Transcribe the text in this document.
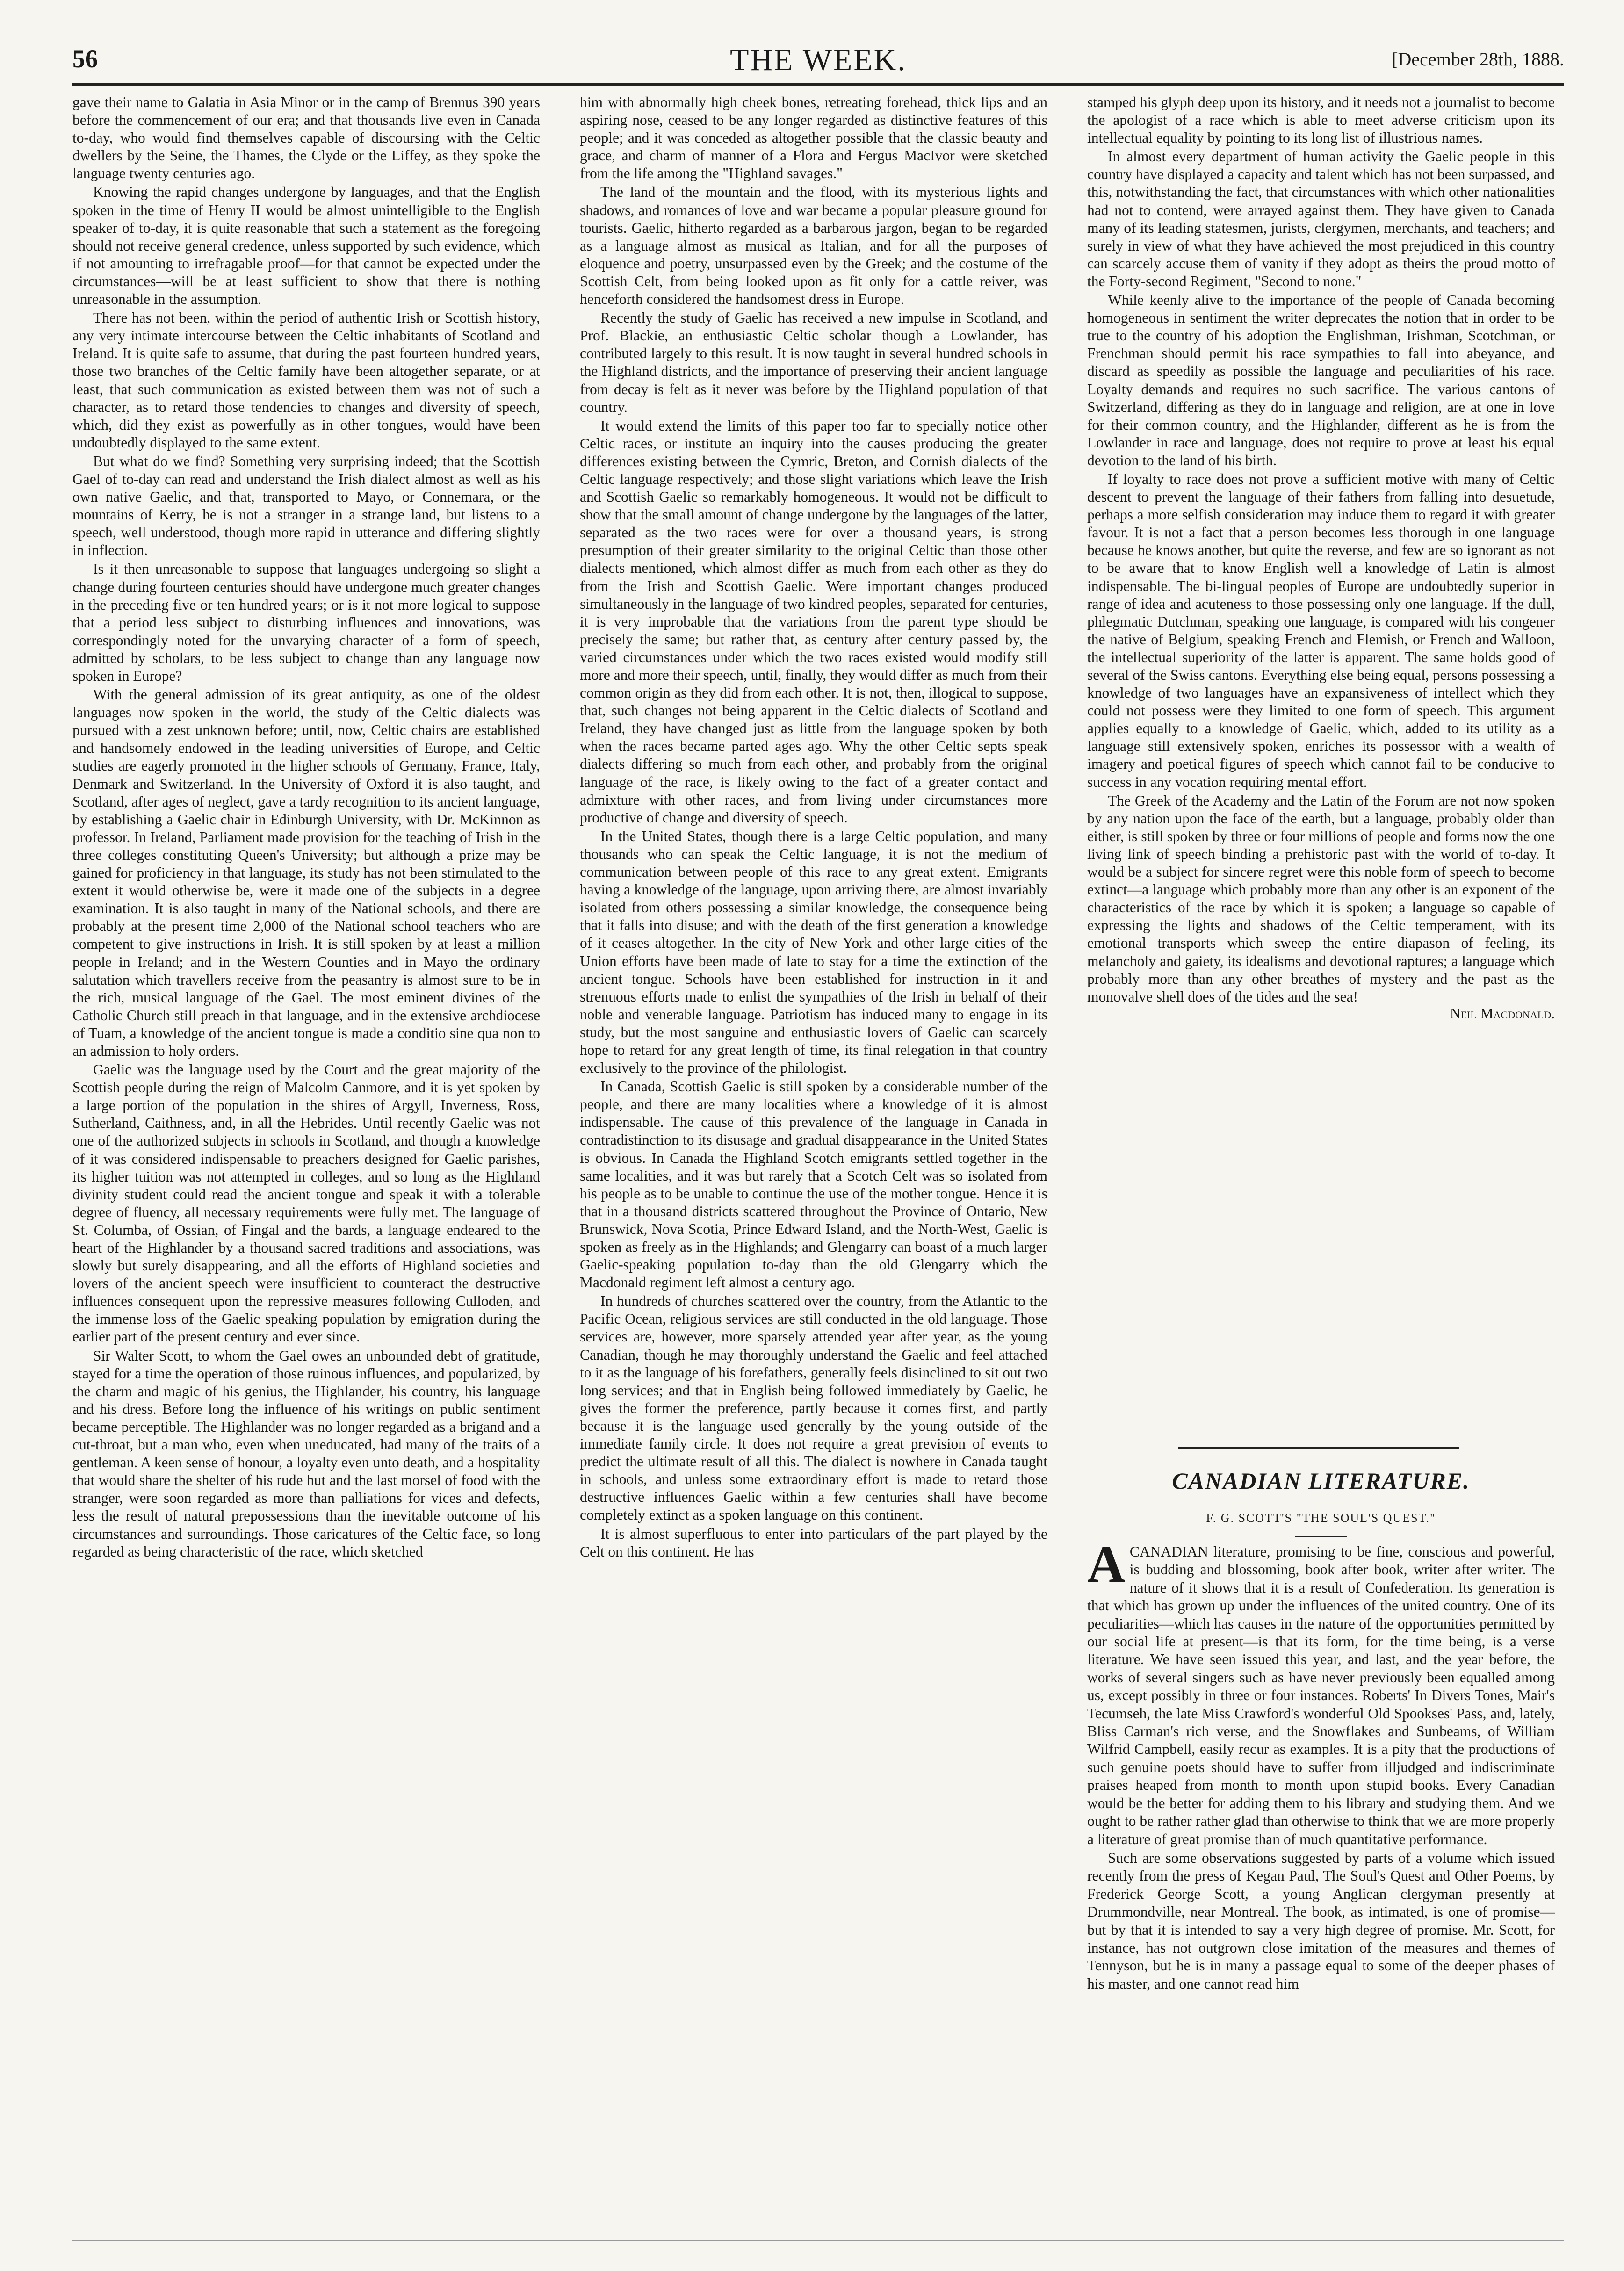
56	THE WEEK.	[December 28th, 1888.

gave their name to Galatia in Asia Minor or in the camp of Brennus 390 years before the commencement of our era; and that thousands live even in Canada to-day, who would find themselves capable of discoursing with the Celtic dwellers by the Seine, the Thames, the Clyde or the Liffey, as they spoke the language twenty centuries ago.

Knowing the rapid changes undergone by languages, and that the English spoken in the time of Henry II would be almost unintelligible to the English speaker of to-day, it is quite reasonable that such a statement as the foregoing should not receive general credence, unless supported by such evidence, which if not amounting to irrefragable proof—for that cannot be expected under the circumstances—will be at least sufficient to show that there is nothing unreasonable in the assumption.

There has not been, within the period of authentic Irish or Scottish history, any very intimate intercourse between the Celtic inhabitants of Scotland and Ireland. It is quite safe to assume, that during the past fourteen hundred years, those two branches of the Celtic family have been altogether separate, or at least, that such communication as existed between them was not of such a character, as to retard those tendencies to changes and diversity of speech, which, did they exist as powerfully as in other tongues, would have been undoubtedly displayed to the same extent.

But what do we find? Something very surprising indeed; that the Scottish Gael of to-day can read and understand the Irish dialect almost as well as his own native Gaelic, and that, transported to Mayo, or Connemara, or the mountains of Kerry, he is not a stranger in a strange land, but listens to a speech, well understood, though more rapid in utterance and differing slightly in inflection.

Is it then unreasonable to suppose that languages undergoing so slight a change during fourteen centuries should have undergone much greater changes in the preceding five or ten hundred years; or is it not more logical to suppose that a period less subject to disturbing influences and innovations, was correspondingly noted for the unvarying character of a form of speech, admitted by scholars, to be less subject to change than any language now spoken in Europe?

With the general admission of its great antiquity, as one of the oldest languages now spoken in the world, the study of the Celtic dialects was pursued with a zest unknown before; until, now, Celtic chairs are established and handsomely endowed in the leading universities of Europe, and Celtic studies are eagerly promoted in the higher schools of Germany, France, Italy, Denmark and Switzerland. In the University of Oxford it is also taught, and Scotland, after ages of neglect, gave a tardy recognition to its ancient language, by establishing a Gaelic chair in Edinburgh University, with Dr. McKinnon as professor. In Ireland, Parliament made provision for the teaching of Irish in the three colleges constituting Queen's University; but although a prize may be gained for proficiency in that language, its study has not been stimulated to the extent it would otherwise be, were it made one of the subjects in a degree examination. It is also taught in many of the National schools, and there are probably at the present time 2,000 of the National school teachers who are competent to give instructions in Irish. It is still spoken by at least a million people in Ireland; and in the Western Counties and in Mayo the ordinary salutation which travellers receive from the peasantry is almost sure to be in the rich, musical language of the Gael. The most eminent divines of the Catholic Church still preach in that language, and in the extensive archdiocese of Tuam, a knowledge of the ancient tongue is made a conditio sine qua non to an admission to holy orders.

Gaelic was the language used by the Court and the great majority of the Scottish people during the reign of Malcolm Canmore, and it is yet spoken by a large portion of the population in the shires of Argyll, Inverness, Ross, Sutherland, Caithness, and, in all the Hebrides. Until recently Gaelic was not one of the authorized subjects in schools in Scotland, and though a knowledge of it was considered indispensable to preachers designed for Gaelic parishes, its higher tuition was not attempted in colleges, and so long as the Highland divinity student could read the ancient tongue and speak it with a tolerable degree of fluency, all necessary requirements were fully met. The language of St. Columba, of Ossian, of Fingal and the bards, a language endeared to the heart of the Highlander by a thousand sacred traditions and associations, was slowly but surely disappearing, and all the efforts of Highland societies and lovers of the ancient speech were insufficient to counteract the destructive influences consequent upon the repressive measures following Culloden, and the immense loss of the Gaelic speaking population by emigration during the earlier part of the present century and ever since.

Sir Walter Scott, to whom the Gael owes an unbounded debt of gratitude, stayed for a time the operation of those ruinous influences, and popularized, by the charm and magic of his genius, the Highlander, his country, his language and his dress. Before long the influence of his writings on public sentiment became perceptible. The Highlander was no longer regarded as a brigand and a cut-throat, but a man who, even when uneducated, had many of the traits of a gentleman. A keen sense of honour, a loyalty even unto death, and a hospitality that would share the shelter of his rude hut and the last morsel of food with the stranger, were soon regarded as more than palliations for vices and defects, less the result of natural prepossessions than the inevitable outcome of his circumstances and surroundings. Those caricatures of the Celtic face, so long regarded as being characteristic of the race, which sketched

him with abnormally high cheek bones, retreating forehead, thick lips and an aspiring nose, ceased to be any longer regarded as distinctive features of this people; and it was conceded as altogether possible that the classic beauty and grace, and charm of manner of a Flora and Fergus MacIvor were sketched from the life among the "Highland savages."

The land of the mountain and the flood, with its mysterious lights and shadows, and romances of love and war became a popular pleasure ground for tourists. Gaelic, hitherto regarded as a barbarous jargon, began to be regarded as a language almost as musical as Italian, and for all the purposes of eloquence and poetry, unsurpassed even by the Greek; and the costume of the Scottish Celt, from being looked upon as fit only for a cattle reiver, was henceforth considered the handsomest dress in Europe.

Recently the study of Gaelic has received a new impulse in Scotland, and Prof. Blackie, an enthusiastic Celtic scholar though a Lowlander, has contributed largely to this result. It is now taught in several hundred schools in the Highland districts, and the importance of preserving their ancient language from decay is felt as it never was before by the Highland population of that country.

It would extend the limits of this paper too far to specially notice other Celtic races, or institute an inquiry into the causes producing the greater differences existing between the Cymric, Breton, and Cornish dialects of the Celtic language respectively; and those slight variations which leave the Irish and Scottish Gaelic so remarkably homogeneous. It would not be difficult to show that the small amount of change undergone by the languages of the latter, separated as the two races were for over a thousand years, is strong presumption of their greater similarity to the original Celtic than those other dialects mentioned, which almost differ as much from each other as they do from the Irish and Scottish Gaelic. Were important changes produced simultaneously in the language of two kindred peoples, separated for centuries, it is very improbable that the variations from the parent type should be precisely the same; but rather that, as century after century passed by, the varied circumstances under which the two races existed would modify still more and more their speech, until, finally, they would differ as much from their common origin as they did from each other. It is not, then, illogical to suppose, that, such changes not being apparent in the Celtic dialects of Scotland and Ireland, they have changed just as little from the language spoken by both when the races became parted ages ago. Why the other Celtic septs speak dialects differing so much from each other, and probably from the original language of the race, is likely owing to the fact of a greater contact and admixture with other races, and from living under circumstances more productive of change and diversity of speech.

In the United States, though there is a large Celtic population, and many thousands who can speak the Celtic language, it is not the medium of communication between people of this race to any great extent. Emigrants having a knowledge of the language, upon arriving there, are almost invariably isolated from others possessing a similar knowledge, the consequence being that it falls into disuse; and with the death of the first generation a knowledge of it ceases altogether. In the city of New York and other large cities of the Union efforts have been made of late to stay for a time the extinction of the ancient tongue. Schools have been established for instruction in it and strenuous efforts made to enlist the sympathies of the Irish in behalf of their noble and venerable language. Patriotism has induced many to engage in its study, but the most sanguine and enthusiastic lovers of Gaelic can scarcely hope to retard for any great length of time, its final relegation in that country exclusively to the province of the philologist.

In Canada, Scottish Gaelic is still spoken by a considerable number of the people, and there are many localities where a knowledge of it is almost indispensable. The cause of this prevalence of the language in Canada in contradistinction to its disusage and gradual disappearance in the United States is obvious. In Canada the Highland Scotch emigrants settled together in the same localities, and it was but rarely that a Scotch Celt was so isolated from his people as to be unable to continue the use of the mother tongue. Hence it is that in a thousand districts scattered throughout the Province of Ontario, New Brunswick, Nova Scotia, Prince Edward Island, and the North-West, Gaelic is spoken as freely as in the Highlands; and Glengarry can boast of a much larger Gaelic-speaking population to-day than the old Glengarry which the Macdonald regiment left almost a century ago.

In hundreds of churches scattered over the country, from the Atlantic to the Pacific Ocean, religious services are still conducted in the old language. Those services are, however, more sparsely attended year after year, as the young Canadian, though he may thoroughly understand the Gaelic and feel attached to it as the language of his forefathers, generally feels disinclined to sit out two long services; and that in English being followed immediately by Gaelic, he gives the former the preference, partly because it comes first, and partly because it is the language used generally by the young outside of the immediate family circle. It does not require a great prevision of events to predict the ultimate result of all this. The dialect is nowhere in Canada taught in schools, and unless some extraordinary effort is made to retard those destructive influences Gaelic within a few centuries shall have become completely extinct as a spoken language on this continent.

It is almost superfluous to enter into particulars of the part played by the Celt on this continent. He has

stamped his glyph deep upon its history, and it needs not a journalist to become the apologist of a race which is able to meet adverse criticism upon its intellectual equality by pointing to its long list of illustrious names.

In almost every department of human activity the Gaelic people in this country have displayed a capacity and talent which has not been surpassed, and this, notwithstanding the fact, that circumstances with which other nationalities had not to contend, were arrayed against them. They have given to Canada many of its leading statesmen, jurists, clergymen, merchants, and teachers; and surely in view of what they have achieved the most prejudiced in this country can scarcely accuse them of vanity if they adopt as theirs the proud motto of the Forty-second Regiment, "Second to none."

While keenly alive to the importance of the people of Canada becoming homogeneous in sentiment the writer deprecates the notion that in order to be true to the country of his adoption the Englishman, Irishman, Scotchman, or Frenchman should permit his race sympathies to fall into abeyance, and discard as speedily as possible the language and peculiarities of his race. Loyalty demands and requires no such sacrifice. The various cantons of Switzerland, differing as they do in language and religion, are at one in love for their common country, and the Highlander, different as he is from the Lowlander in race and language, does not require to prove at least his equal devotion to the land of his birth.

If loyalty to race does not prove a sufficient motive with many of Celtic descent to prevent the language of their fathers from falling into desuetude, perhaps a more selfish consideration may induce them to regard it with greater favour. It is not a fact that a person becomes less thorough in one language because he knows another, but quite the reverse, and few are so ignorant as not to be aware that to know English well a knowledge of Latin is almost indispensable. The bi-lingual peoples of Europe are undoubtedly superior in range of idea and acuteness to those possessing only one language. If the dull, phlegmatic Dutchman, speaking one language, is compared with his congener the native of Belgium, speaking French and Flemish, or French and Walloon, the intellectual superiority of the latter is apparent. The same holds good of several of the Swiss cantons. Everything else being equal, persons possessing a knowledge of two languages have an expansiveness of intellect which they could not possess were they limited to one form of speech. This argument applies equally to a knowledge of Gaelic, which, added to its utility as a language still extensively spoken, enriches its possessor with a wealth of imagery and poetical figures of speech which cannot fail to be conducive to success in any vocation requiring mental effort.

The Greek of the Academy and the Latin of the Forum are not now spoken by any nation upon the face of the earth, but a language, probably older than either, is still spoken by three or four millions of people and forms now the one living link of speech binding a prehistoric past with the world of to-day. It would be a subject for sincere regret were this noble form of speech to become extinct—a language which probably more than any other is an exponent of the characteristics of the race by which it is spoken; a language so capable of expressing the lights and shadows of the Celtic temperament, with its emotional transports which sweep the entire diapason of feeling, its melancholy and gaiety, its idealisms and devotional raptures; a language which probably more than any other breathes of mystery and the past as the monovalve shell does of the tides and the sea!

Neil Macdonald.
CANADIAN LITERATURE.
F. G. SCOTT'S "THE SOUL'S QUEST."

ACANADIAN literature, promising to be fine, conscious and powerful, is budding and blossoming, book after book, writer after writer. The nature of it shows that it is a result of Confederation. Its generation is that which has grown up under the influences of the united country. One of its peculiarities—which has causes in the nature of the opportunities permitted by our social life at present—is that its form, for the time being, is a verse literature. We have seen issued this year, and last, and the year before, the works of several singers such as have never previously been equalled among us, except possibly in three or four instances. Roberts' In Divers Tones, Mair's Tecumseh, the late Miss Crawford's wonderful Old Spookses' Pass, and, lately, Bliss Carman's rich verse, and the Snowflakes and Sunbeams, of William Wilfrid Campbell, easily recur as examples. It is a pity that the productions of such genuine poets should have to suffer from illjudged and indiscriminate praises heaped from month to month upon stupid books. Every Canadian would be the better for adding them to his library and studying them. And we ought to be rather rather glad than otherwise to think that we are more properly a literature of great promise than of much quantitative performance.

Such are some observations suggested by parts of a volume which issued recently from the press of Kegan Paul, The Soul's Quest and Other Poems, by Frederick George Scott, a young Anglican clergyman presently at Drummondville, near Montreal. The book, as intimated, is one of promise—but by that it is intended to say a very high degree of promise. Mr. Scott, for instance, has not outgrown close imitation of the measures and themes of Tennyson, but he is in many a passage equal to some of the deeper phases of his master, and one cannot read him
